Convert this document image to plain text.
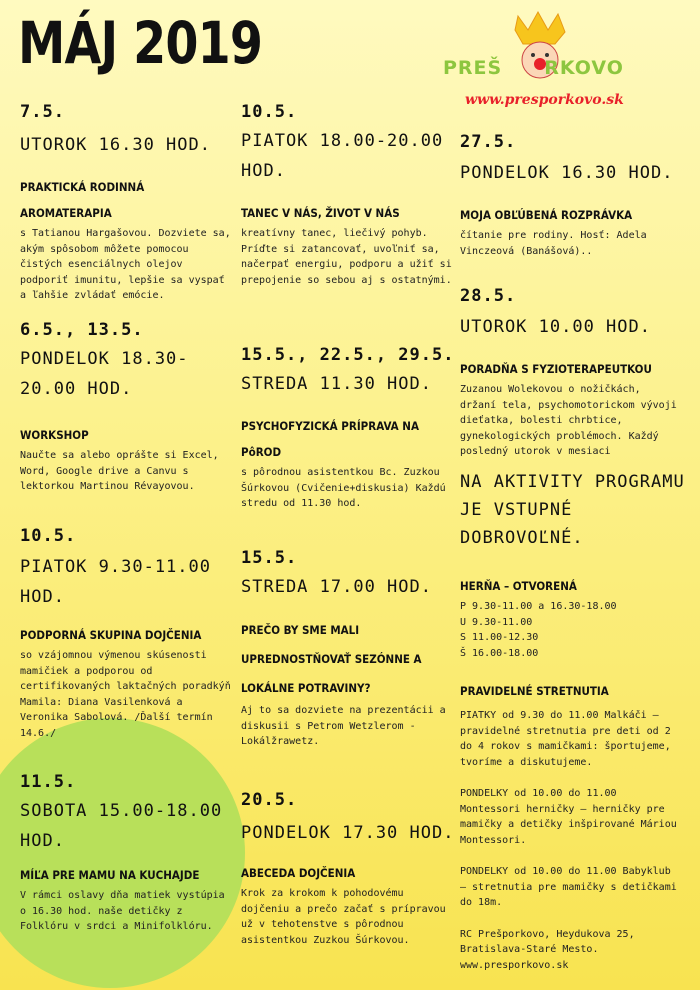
MÁJ 2019	PREŠ RKOVO
www.presporkovo.sk
7.5.
UTOROK 16.30 HOD.
PRAKTICKÁ RODINNÁ AROMATERAPIA
s Tatianou Hargašovou. Dozviete sa, akým spôsobom môžete pomocou čistých esenciálnych olejov podporiť imunitu, lepšie sa vyspať a ľahšie zvládať emócie.
6.5., 13.5.
PONDELOK 18.30-20.00 HOD.
WORKSHOP
Naučte sa alebo oprášte si Excel, Word, Google drive a Canvu s lektorkou Martinou Révayovou.
10.5.
PIATOK 9.30-11.00 HOD.
PODPORNÁ SKUPINA DOJČENIA
so vzájomnou výmenou skúsenosti mamičiek a podporou od certifikovaných laktačných poradkýň Mamila: Diana Vasilenková a Veronika Sabolová. /Ďalší termín 14.6./
11.5.
SOBOTA 15.00-18.00 HOD.
MÍĽA PRE MAMU NA KUCHAJDE
V rámci oslavy dňa matiek vystúpia o 16.30 hod. naše detičky z Folklóru v srdci a Minifolklóru.
10.5.
PIATOK 18.00-20.00 HOD.
TANEC V NÁS, ŽIVOT V NÁS
kreatívny tanec, liečivý pohyb. Príďte si zatancovať, uvoľniť sa, načerpať energiu, podporu a užiť si prepojenie so sebou aj s ostatnými.
15.5., 22.5., 29.5.
STREDA 11.30 HOD.
PSYCHOFYZICKÁ PRÍPRAVA NA PôROD
s pôrodnou asistentkou Bc. Zuzkou Šúrkovou (Cvičenie+diskusia) Každú stredu od 11.30 hod.
15.5.
STREDA 17.00 HOD.
PREČO BY SME MALI UPREDNOSTŇOVAŤ SEZÓNNE A LOKÁLNE POTRAVINY?
Aj to sa dozviete na prezentácii a diskusii s Petrom Wetzlerom - Lokálžrawetz.
20.5.
PONDELOK 17.30 HOD.
ABECEDA DOJČENIA
Krok za krokom k pohodovému dojčeniu a prečo začať s prípravou už v tehotenstve s pôrodnou asistentkou Zuzkou Šúrkovou.
27.5.
PONDELOK 16.30 HOD.
MOJA OBĽÚBENÁ ROZPRÁVKA
čítanie pre rodiny. Hosť: Adela Vinczeová (Banášová)..
28.5.
UTOROK 10.00 HOD.
PORADŇA S FYZIOTERAPEUTKOU
Zuzanou Wolekovou o nožičkách, držaní tela, psychomotorickom vývoji dieťatka, bolesti chrbtice, gynekologických problémoch. Každý posledný utorok v mesiaci
NA AKTIVITY PROGRAMU JE VSTUPNÉ DOBROVOĽNÉ.
HERŇA – OTVORENÁ
P 9.30-11.00 a 16.30-18.00
U 9.30-11.00
S 11.00-12.30
Š 16.00-18.00
PRAVIDELNÉ STRETNUTIA
PIATKY od 9.30 do 11.00 Malkáči – pravidelné stretnutia pre deti od 2 do 4 rokov s mamičkami: športujeme, tvoríme a diskutujeme.
PONDELKY od 10.00 do 11.00 Montessori herničky – herničky pre mamičky a detičky inšpirované Máriou Montessori.
PONDELKY od 10.00 do 11.00 Babyklub – stretnutia pre mamičky s detičkami do 18m.
RC Prešporkovo, Heydukova 25, Bratislava-Staré Mesto. www.presporkovo.sk
